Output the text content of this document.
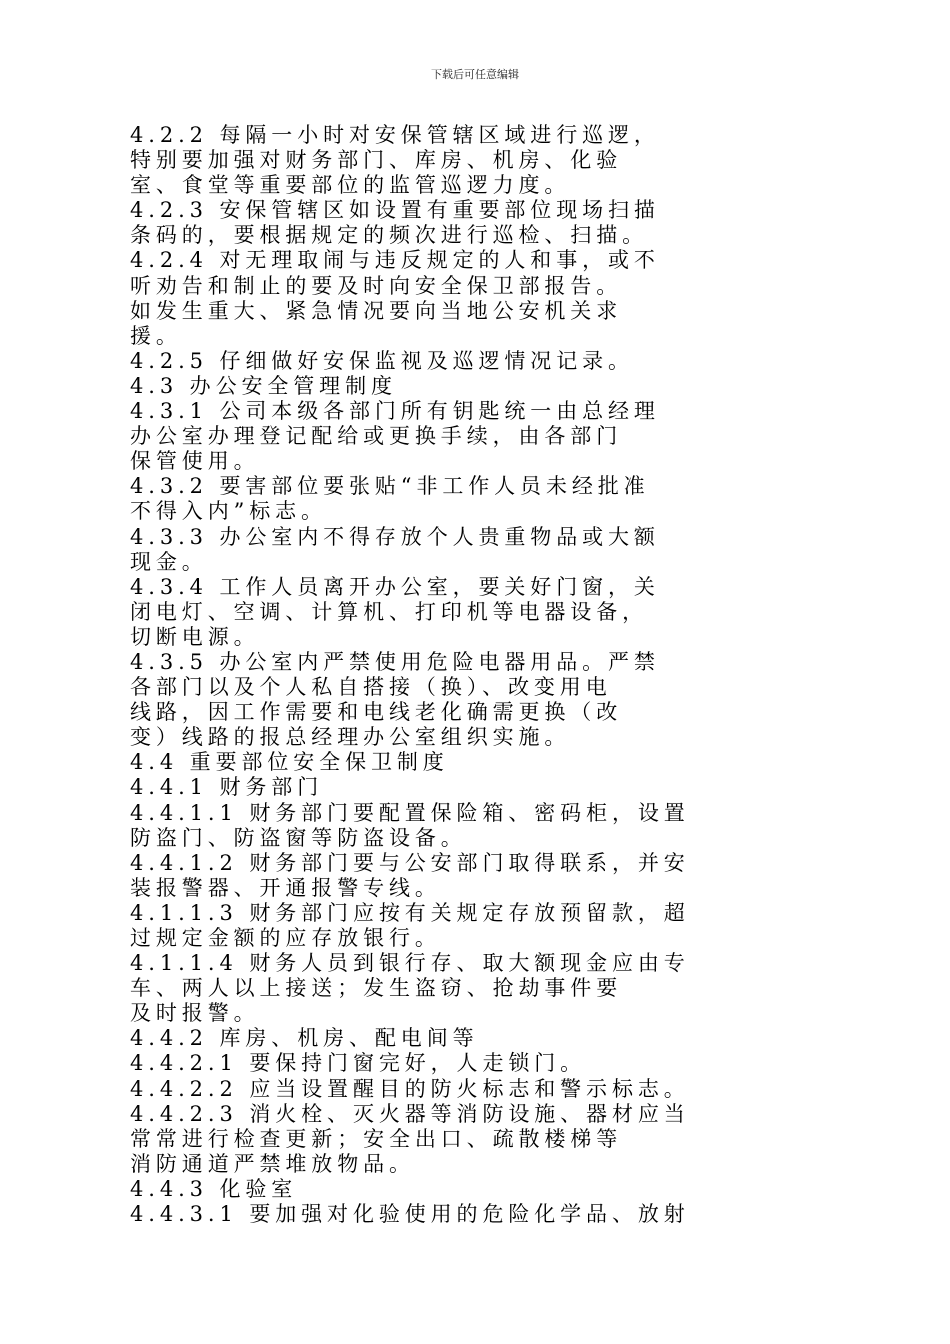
下载后可任意编辑
4.2.2 每隔一小时对安保管辖区域进行巡逻，
特别要加强对财务部门、库房、机房、化验
室、食堂等重要部位的监管巡逻力度。
4.2.3 安保管辖区如设置有重要部位现场扫描
条码的，要根据规定的频次进行巡检、扫描。
4.2.4 对无理取闹与违反规定的人和事，或不
听劝告和制止的要及时向安全保卫部报告。
如发生重大、紧急情况要向当地公安机关求
援。
4.2.5 仔细做好安保监视及巡逻情况记录。
4.3 办公安全管理制度
4.3.1 公司本级各部门所有钥匙统一由总经理
办公室办理登记配给或更换手续，由各部门
保管使用。
4.3.2 要害部位要张贴“非工作人员未经批准
不得入内”标志。
4.3.3 办公室内不得存放个人贵重物品或大额
现金。
4.3.4 工作人员离开办公室，要关好门窗，关
闭电灯、空调、计算机、打印机等电器设备，
切断电源。
4.3.5 办公室内严禁使用危险电器用品。严禁
各部门以及个人私自搭接（换）、改变用电
线路，因工作需要和电线老化确需更换（改
变）线路的报总经理办公室组织实施。
4.4 重要部位安全保卫制度
4.4.1 财务部门
4.4.1.1 财务部门要配置保险箱、密码柜，设置
防盗门、防盗窗等防盗设备。
4.4.1.2 财务部门要与公安部门取得联系，并安
装报警器、开通报警专线。
4.1.1.3 财务部门应按有关规定存放预留款，超
过规定金额的应存放银行。
4.1.1.4 财务人员到银行存、取大额现金应由专
车、两人以上接送；发生盗窃、抢劫事件要
及时报警。
4.4.2 库房、机房、配电间等
4.4.2.1 要保持门窗完好，人走锁门。
4.4.2.2 应当设置醒目的防火标志和警示标志。
4.4.2.3 消火栓、灭火器等消防设施、器材应当
常常进行检查更新；安全出口、疏散楼梯等
消防通道严禁堆放物品。
4.4.3 化验室
4.4.3.1 要加强对化验使用的危险化学品、放射
